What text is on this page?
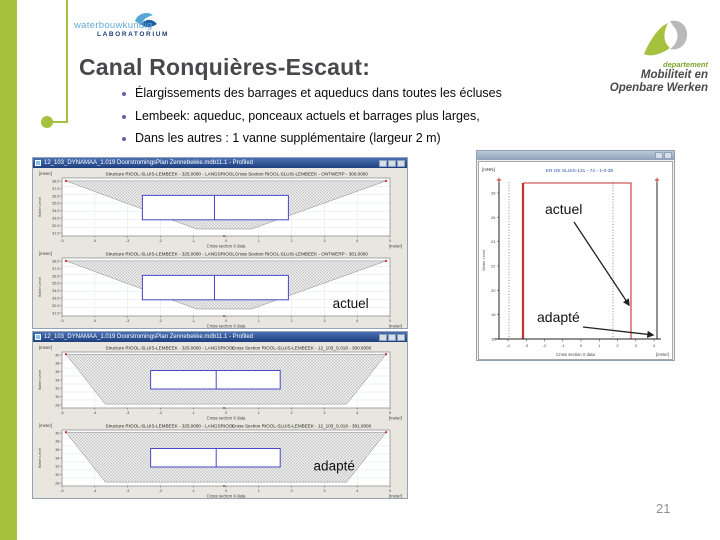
waterbouwkundig
LABORATORIUM
departement
Mobiliteit en
Openbare Werken
Canal Ronquières-Escaut:
Élargissements des barrages et aqueducs dans toutes les écluses
Lembeek: aqueduc, ponceaux actuels et barrages plus larges,
Dans les autres : 1 vanne supplémentaire (largeur 2 m)
12_103_DYNAMAA_1.019 DoorstromingsPlan Zennebekke.mdb11.1 - Profiled
38.5
37.5
36.5
35.5
34.5
33.5
32.5
31.5
-5	-4	-3	-2	-1	0	1	2	3	4	5
[meter]	Structure RIOOL-SLUIS-LEMBEEK - 325.0000 - LANGSRIOOL Cross Section RIOOL-SLUIS-LEMBEEK - ONTWERP - 300.0000
Water Level
Cross section X data	[meter]
38.5
37.5
36.5
35.5
34.5
33.5
32.5
31.5
-5	-4	-3	-2	-1	0	1	2	3	4	5
[meter]	Structure RIOOL-SLUIS-LEMBEEK - 325.0000 - LANGSRIOOL Cross Section RIOOL-SLUIS-LEMBEEK - ONTWERP - 381.0000
Water Level
Cross section X data	[meter]
actuel
12_103_DYNAMAA_1.019 DoorstromingsPlan Zennebekke.mdb11.1 - Profiled
40
38
36
34
32
30
28
-5	-4	-3	-2	-1	0	1	2	3	4	5
[meter]	Structure RIOOL-SLUIS-LEMBEEK - 325.0000 - LANGSRIOOL
Cross Section RIOOL-SLUIS-LEMBEEK - 12_103_S.018 - 300.0000
Water Level
Cross section X data	[meter]
40
38
36
34
32
30
28
-5	-4	-3	-2	-1	0	1	2	3	4	5
[meter]	Structure RIOOL-SLUIS-LEMBEEK - 325.0000 - LANGSRIOOL
Cross Section RIOOL-SLUIS-LEMBEEK - 12_103_S.018 - 381.0000
Water Level
Cross section X data	[meter]
adapté
[mNN]	KR GE SLUIS-131 - 74 - 1-0-38
28
26
24
22
20
18
16
-4	-3	-2	-1	0	1	2	3	4
Water Level
Cross section X data	[meter]
actuel
adapté
21
